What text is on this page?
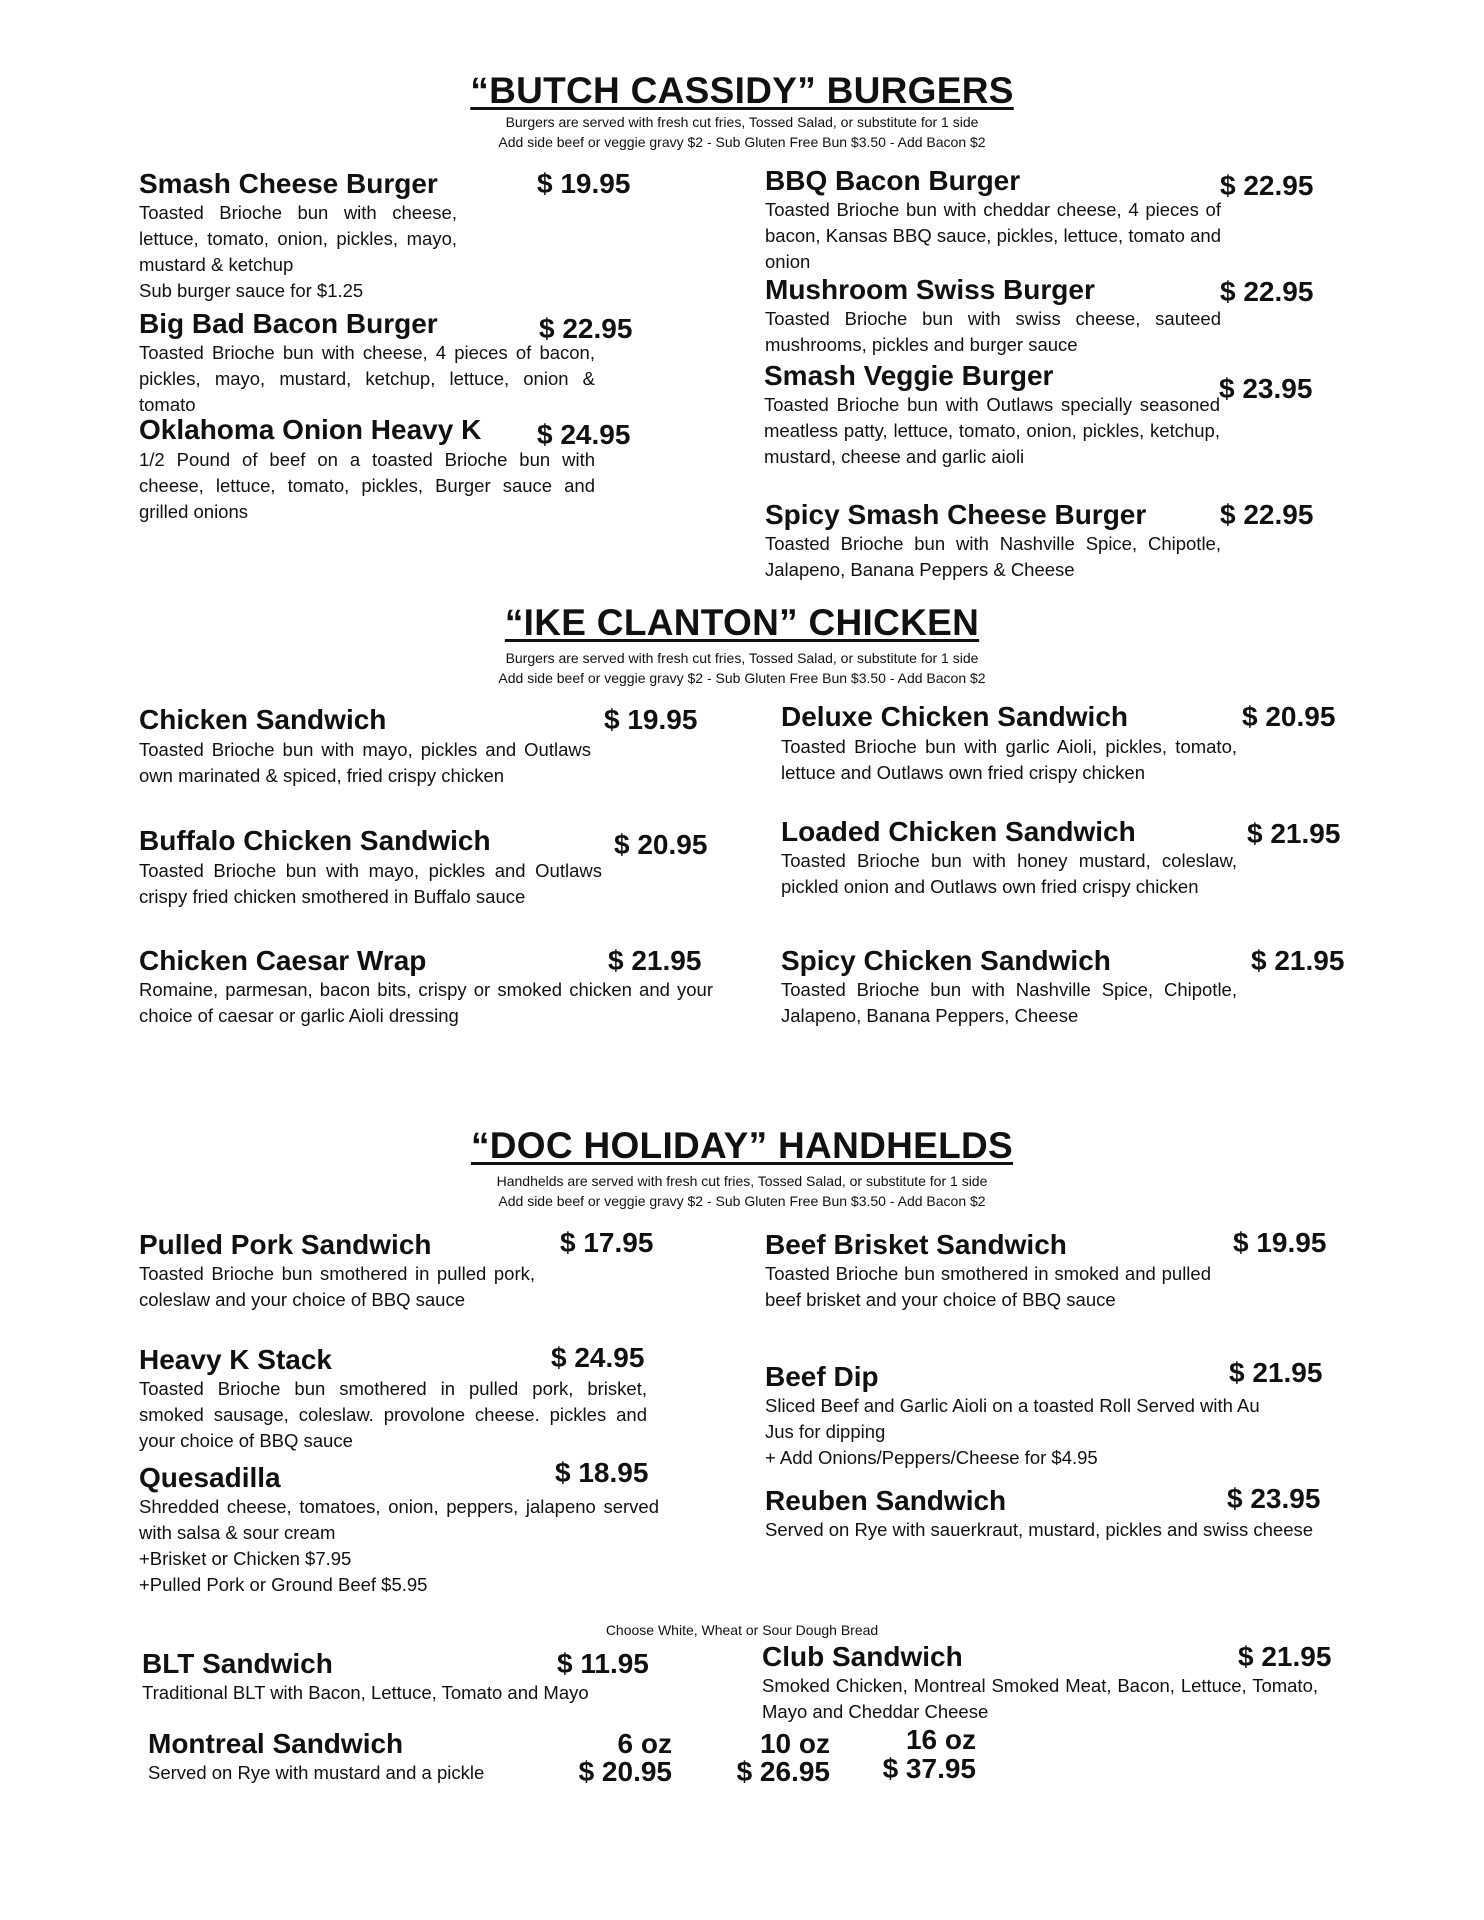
“BUTCH CASSIDY” BURGERS
Burgers are served with fresh cut fries, Tossed Salad, or substitute for 1 side
Add side beef or veggie gravy $2 - Sub Gluten Free Bun $3.50 - Add Bacon $2
Smash Cheese Burger	$ 19.95
Toasted Brioche bun with cheese, lettuce, tomato, onion, pickles, mayo, mustard & ketchup
Sub burger sauce for $1.25
Big Bad Bacon Burger	$ 22.95
Toasted Brioche bun with cheese, 4 pieces of bacon, pickles, mayo, mustard, ketchup, lettuce, onion & tomato
Oklahoma Onion Heavy K $ 24.95
1/2 Pound of beef on a toasted Brioche bun with cheese, lettuce, tomato, pickles, Burger sauce and grilled onions
BBQ Bacon Burger	$ 22.95
Toasted Brioche bun with cheddar cheese, 4 pieces of bacon, Kansas BBQ sauce, pickles, lettuce, tomato and onion
Mushroom Swiss Burger	$ 22.95
Toasted Brioche bun with swiss cheese, sauteed mushrooms, pickles and burger sauce
Smash Veggie Burger	$ 23.95
Toasted Brioche bun with Outlaws specially seasoned meatless patty, lettuce, tomato, onion, pickles, ketchup, mustard, cheese and garlic aioli
Spicy Smash Cheese Burger	$ 22.95
Toasted Brioche bun with Nashville Spice, Chipotle, Jalapeno, Banana Peppers & Cheese
“IKE CLANTON” CHICKEN
Burgers are served with fresh cut fries, Tossed Salad, or substitute for 1 side
Add side beef or veggie gravy $2 - Sub Gluten Free Bun $3.50 - Add Bacon $2
Chicken Sandwich	$ 19.95
Toasted Brioche bun with mayo, pickles and Outlaws own marinated & spiced, fried crispy chicken
Buffalo Chicken Sandwich	$ 20.95
Toasted Brioche bun with mayo, pickles and Outlaws crispy fried chicken smothered in Buffalo sauce
Chicken Caesar Wrap	$ 21.95
Romaine, parmesan, bacon bits, crispy or smoked chicken and your choice of caesar or garlic Aioli dressing
Deluxe Chicken Sandwich	$ 20.95
Toasted Brioche bun with garlic Aioli, pickles, tomato, lettuce and Outlaws own fried crispy chicken
Loaded Chicken Sandwich	$ 21.95
Toasted Brioche bun with honey mustard, coleslaw, pickled onion and Outlaws own fried crispy chicken
Spicy Chicken Sandwich	$ 21.95
Toasted Brioche bun with Nashville Spice, Chipotle, Jalapeno, Banana Peppers, Cheese
“DOC HOLIDAY” HANDHELDS
Handhelds are served with fresh cut fries, Tossed Salad, or substitute for 1 side
Add side beef or veggie gravy $2 - Sub Gluten Free Bun $3.50 - Add Bacon $2
Pulled Pork Sandwich	$ 17.95
Toasted Brioche bun smothered in pulled pork, coleslaw and your choice of BBQ sauce
Heavy K Stack	$ 24.95
Toasted Brioche bun smothered in pulled pork, brisket, smoked sausage, coleslaw. provolone cheese. pickles and your choice of BBQ sauce
Quesadilla	$ 18.95
Shredded cheese, tomatoes, onion, peppers, jalapeno served with salsa & sour cream
+Brisket or Chicken $7.95
+Pulled Pork or Ground Beef $5.95
Beef Brisket Sandwich	$ 19.95
Toasted Brioche bun smothered in smoked and pulled beef brisket and your choice of BBQ sauce
Beef Dip	$ 21.95
Sliced Beef and Garlic Aioli on a toasted Roll Served with Au Jus for dipping
+ Add Onions/Peppers/Cheese for $4.95
Reuben Sandwich	$ 23.95
Served on Rye with sauerkraut, mustard, pickles and swiss cheese
Choose White, Wheat or Sour Dough Bread
BLT Sandwich	$ 11.95
Traditional BLT with Bacon, Lettuce, Tomato and Mayo
Club Sandwich	$ 21.95
Smoked Chicken, Montreal Smoked Meat, Bacon, Lettuce, Tomato, Mayo and Cheddar Cheese
Montreal Sandwich
Served on Rye with mustard and a pickle
6 oz
$ 20.95
10 oz
$ 26.95
16 oz
$ 37.95
